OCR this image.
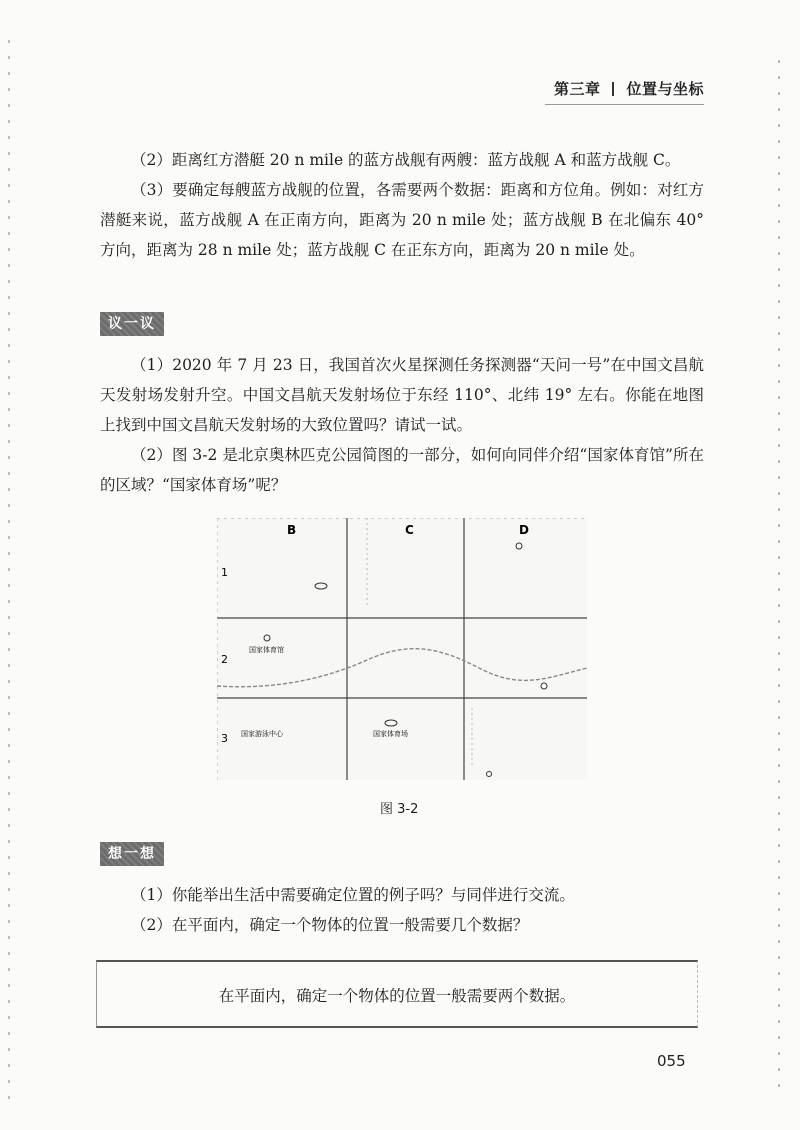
第三章 位置与坐标

（2）距离红方潜艇 20 n mile 的蓝方战舰有两艘：蓝方战舰 A 和蓝方战舰 C。

（3）要确定每艘蓝方战舰的位置，各需要两个数据：距离和方位角。例如：对红方潜艇来说，蓝方战舰 A 在正南方向，距离为 20 n mile 处；蓝方战舰 B 在北偏东 40° 方向，距离为 28 n mile 处；蓝方战舰 C 在正东方向，距离为 20 n mile 处。

议一议

（1）2020 年 7 月 23 日，我国首次火星探测任务探测器“天问一号”在中国文昌航天发射场发射升空。中国文昌航天发射场位于东经 110°、北纬 19° 左右。你能在地图上找到中国文昌航天发射场的大致位置吗？请试一试。

（2）图 3-2 是北京奥林匹克公园简图的一部分，如何向同伴介绍“国家体育馆”所在的区域？“国家体育场”呢？

B	C	D
1
2
3
国家体育馆
国家游泳中心	国家体育场
图 3-2
想一想

（1）你能举出生活中需要确定位置的例子吗？与同伴进行交流。

（2）在平面内，确定一个物体的位置一般需要几个数据？

在平面内，确定一个物体的位置一般需要两个数据。
055
